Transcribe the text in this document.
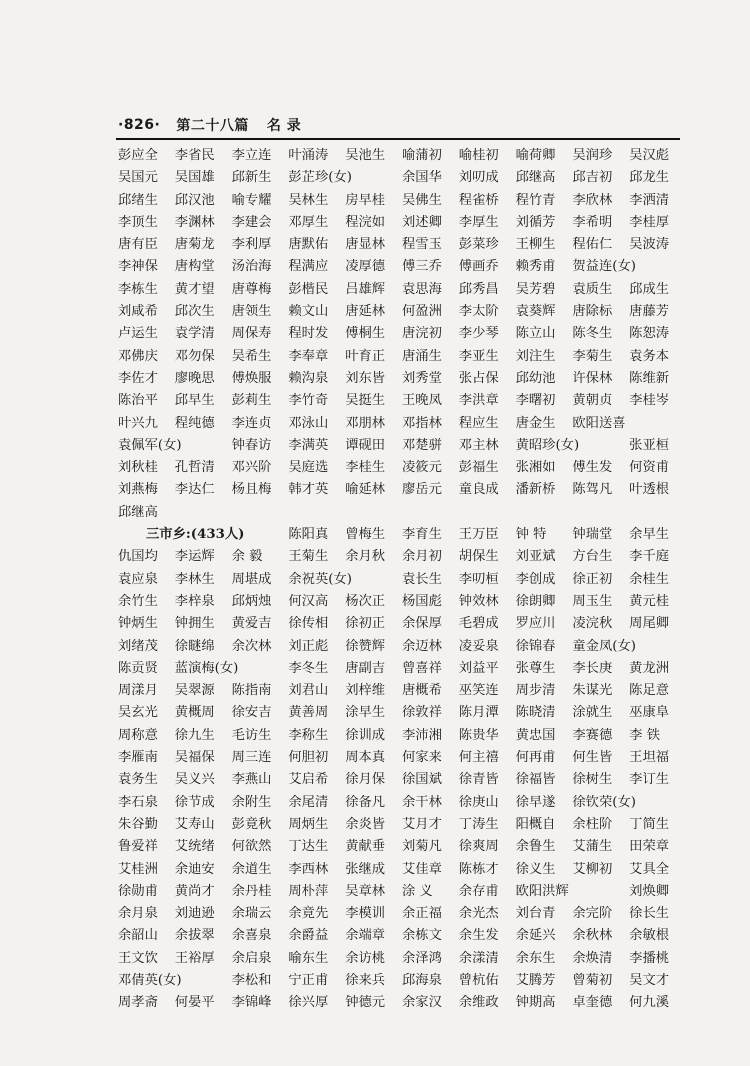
·826· 第二十八篇 名 录
彭应全	李省民	李立连	叶涌涛	吴池生	喻蒲初	喻桂初	喻荷卿	吴润珍	吴汉彪
吴国元	吴国雄	邱新生	彭芷珍(女)	余国华	刘叨成	邱继高	邱吉初	邱龙生
邱绪生	邱汉池	喻专耀	吴林生	房早桂	吴佛生	程雀桥	程竹青	李欣林	李洒清
李顶生	李渊林	李建会	邓厚生	程浣如	刘述卿	李厚生	刘循芳	李希明	李桂厚
唐有臣	唐菊龙	李利厚	唐默佑	唐显林	程雪玉	彭菜珍	王柳生	程佑仁	吴波涛
李神保	唐构堂	汤治海	程满应	凌厚德	傅三乔	傅画乔	赖秀甫	贺益连(女)
李栋生	黄才望	唐尊梅	彭楷民	吕雄辉	袁思海	邱秀昌	吴芳碧	袁质生	邱成生
刘咸希	邱次生	唐领生	赖文山	唐延林	何盈洲	李太阶	袁葵辉	唐除标	唐藤芳
卢运生	袁学清	周保寿	程时发	傅桐生	唐浣初	李少琴	陈立山	陈冬生	陈恕涛
邓佛庆	邓勿保	吴希生	李奉章	叶育正	唐涌生	李亚生	刘注生	李菊生	袁务本
李佐才	廖晚思	傅焕服	赖沟泉	刘东皆	刘秀堂	张占保	邱幼池	许保林	陈维新
陈治平	邱早生	彭莉生	李竹奇	吴挺生	王晚凤	李洪章	李曙初	黄朝贞	李桂岑
叶兴九	程纯德	李连贞	邓泳山	邓朋林	邓指林	程应生	唐金生	欧阳送喜
袁佩军(女)	钟春访	李满英	谭砚田	邓楚骈	邓主林	黄昭珍(女)	张亚桓
刘秋桂	孔哲清	邓兴阶	吴庭选	李桂生	凌筱元	彭福生	张湘如	傅生发	何资甫
刘燕梅	李达仁	杨且梅	韩才英	喻延林	廖岳元	童良成	潘新桥	陈驾凡	叶透根
邱继高
三市乡:(433人)	陈阳真	曾梅生	李育生	王万臣	钟 特	钟瑞堂	余早生
仇国均	李运辉	余 毅	王菊生	余月秋	余月初	胡保生	刘亚斌	方台生	李千庭
袁应泉	李林生	周堪成	余祝英(女)	袁长生	李叨桓	李创成	徐正初	余桂生
余竹生	李梓泉	邱炳烛	何汉高	杨次正	杨国彪	钟效林	徐朗卿	周玉生	黄元桂
钟炳生	钟拥生	黄爱吉	徐传相	徐初正	余保厚	毛碧成	罗应川	凌浣秋	周尾卿
刘绪茂	徐瞇绵	余次林	刘正彪	徐赞辉	余迈林	凌妥泉	徐锦春	童金凤(女)
陈贡贤	蓝演梅(女)	李冬生	唐副吉	曾喜祥	刘益平	张尊生	李长庚	黄龙洲
周漾月	吴翠源	陈指南	刘君山	刘梓维	唐概希	巫笑连	周步清	朱谋光	陈足意
吴玄光	黄概周	徐安吉	黄善周	涂早生	徐敦祥	陈月潭	陈晓清	涂就生	巫康阜
周称意	徐九生	毛访生	李称生	徐训成	李沛湘	陈贵华	黄忠国	李赛德	李 铁
李雁南	吴福保	周三连	何胆初	周本真	何家来	何主禧	何再甫	何生皆	王坦福
袁务生	吴义兴	李燕山	艾启希	徐月保	徐国斌	徐青皆	徐福皆	徐树生	李订生
李石泉	徐节成	余附生	余尾清	徐备凡	余干林	徐庚山	徐早遂	徐钦荣(女)
朱谷勤	艾寿山	彭竟秋	周炳生	余炎皆	艾月才	丁涛生	阳概自	余柱阶	丁简生
鲁爱祥	艾统绪	何欲然	丁达生	黄献垂	刘菊凡	徐爽周	余鲁生	艾蒲生	田荣章
艾桂洲	余迪安	余道生	李西林	张继成	艾佳章	陈栋才	徐义生	艾柳初	艾具全
徐勋甫	黄尚才	余丹桂	周朴萍	吴章林	涂 义	余存甫	欧阳洪辉	刘焕卿
余月泉	刘迪逊	余瑞云	余竟先	李模训	余正福	余光杰	刘台青	余完阶	徐长生
余韶山	余拔翠	余喜泉	余爵益	余端章	余栋文	余生发	余延兴	余秋林	余敏根
王文饮	王裕厚	余启泉	喻东生	余访桃	余泽鸿	余漾清	余东生	余焕清	李播桃
邓倩英(女)	李松和	宁正甫	徐来兵	邱海泉	曾杭佑	艾腾芳	曾菊初	吴文才
周孝斋	何晏平	李锦峰	徐兴厚	钟德元	余家汉	余维政	钟期高	卓奎德	何九溪
